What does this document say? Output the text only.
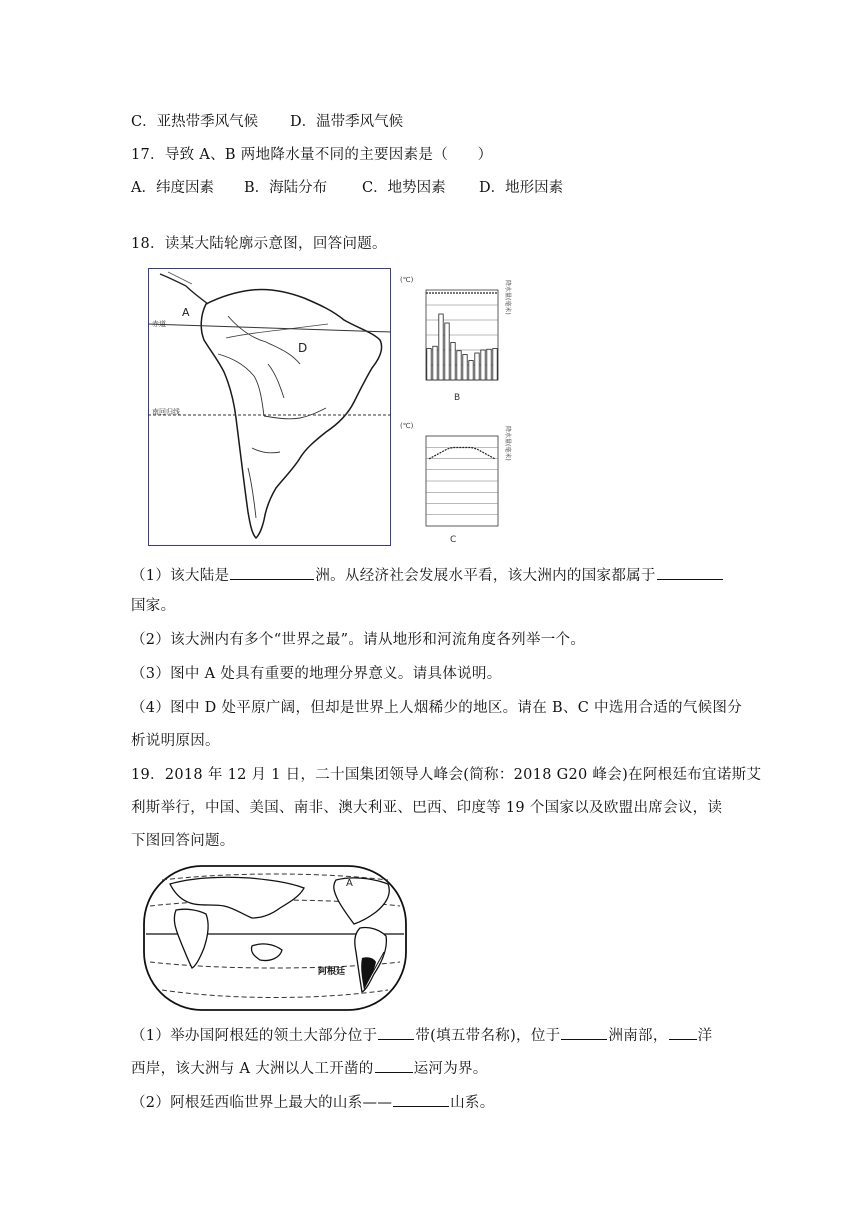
C．亚热带季风气候 D．温带季风气候
17．导致 A、B 两地降水量不同的主要因素是（　　）
A．纬度因素 B．海陆分布 C．地势因素 D．地形因素
18．读某大陆轮廓示意图，回答问题。
赤道
南回归线
A
D
(℃)	降水量(毫米)
B
(℃)	降水量(毫米)
C
（1）该大陆是	洲。从经济社会发展水平看，该大洲内的国家都属于
国家。
（2）该大洲内有多个“世界之最”。请从地形和河流角度各列举一个。
（3）图中 A 处具有重要的地理分界意义。请具体说明。
（4）图中 D 处平原广阔，但却是世界上人烟稀少的地区。请在 B、C 中选用合适的气候图分
析说明原因。
19．2018 年 12 月 1 日，二十国集团领导人峰会(简称：2018 G20 峰会)在阿根廷布宜诺斯艾
利斯举行，中国、美国、南非、澳大利亚、巴西、印度等 19 个国家以及欧盟出席会议，读
下图回答问题。
A
阿根廷
（1）举办国阿根廷的领土大部分位于	带(填五带名称)，位于	洲南部， 洋
西岸，该大洲与 A 大洲以人工开凿的	运河为界。
（2）阿根廷西临世界上最大的山系——	山系。
